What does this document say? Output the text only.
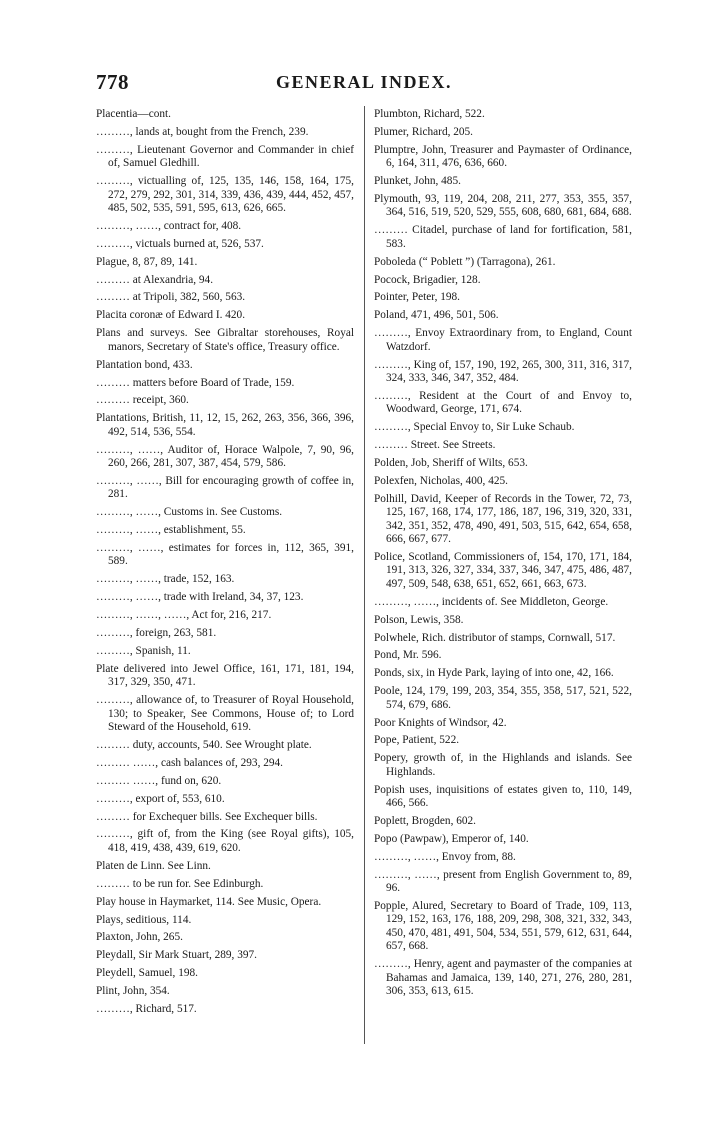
778	GENERAL INDEX.

Placentia—cont.

………, lands at, bought from the French, 239.

………, Lieutenant Governor and Commander in chief of, Samuel Gledhill.

………, victualling of, 125, 135, 146, 158, 164, 175, 272, 279, 292, 301, 314, 339, 436, 439, 444, 452, 457, 485, 502, 535, 591, 595, 613, 626, 665.

………, ……, contract for, 408.

………, victuals burned at, 526, 537.

Plague, 8, 87, 89, 141.

……… at Alexandria, 94.

……… at Tripoli, 382, 560, 563.

Placita coronæ of Edward I. 420.

Plans and surveys. See Gibraltar storehouses, Royal manors, Secretary of State's office, Treasury office.

Plantation bond, 433.

……… matters before Board of Trade, 159.

……… receipt, 360.

Plantations, British, 11, 12, 15, 262, 263, 356, 366, 396, 492, 514, 536, 554.

………, ……, Auditor of, Horace Walpole, 7, 90, 96, 260, 266, 281, 307, 387, 454, 579, 586.

………, ……, Bill for encouraging growth of coffee in, 281.

………, ……, Customs in. See Customs.

………, ……, establishment, 55.

………, ……, estimates for forces in, 112, 365, 391, 589.

………, ……, trade, 152, 163.

………, ……, trade with Ireland, 34, 37, 123.

………, ……, ……, Act for, 216, 217.

………, foreign, 263, 581.

………, Spanish, 11.

Plate delivered into Jewel Office, 161, 171, 181, 194, 317, 329, 350, 471.

………, allowance of, to Treasurer of Royal Household, 130; to Speaker, See Commons, House of; to Lord Steward of the Household, 619.

……… duty, accounts, 540. See Wrought plate.

……… ……, cash balances of, 293, 294.

……… ……, fund on, 620.

………, export of, 553, 610.

……… for Exchequer bills. See Exchequer bills.

………, gift of, from the King (see Royal gifts), 105, 418, 419, 438, 439, 619, 620.

Platen de Linn. See Linn.

……… to be run for. See Edinburgh.

Play house in Haymarket, 114. See Music, Opera.

Plays, seditious, 114.

Plaxton, John, 265.

Pleydall, Sir Mark Stuart, 289, 397.

Pleydell, Samuel, 198.

Plint, John, 354.

………, Richard, 517.

Plumbton, Richard, 522.

Plumer, Richard, 205.

Plumptre, John, Treasurer and Paymaster of Ordinance, 6, 164, 311, 476, 636, 660.

Plunket, John, 485.

Plymouth, 93, 119, 204, 208, 211, 277, 353, 355, 357, 364, 516, 519, 520, 529, 555, 608, 680, 681, 684, 688.

……… Citadel, purchase of land for fortification, 581, 583.

Poboleda (“ Poblett ”) (Tarragona), 261.

Pocock, Brigadier, 128.

Pointer, Peter, 198.

Poland, 471, 496, 501, 506.

………, Envoy Extraordinary from, to England, Count Watzdorf.

………, King of, 157, 190, 192, 265, 300, 311, 316, 317, 324, 333, 346, 347, 352, 484.

………, Resident at the Court of and Envoy to, Woodward, George, 171, 674.

………, Special Envoy to, Sir Luke Schaub.

……… Street. See Streets.

Polden, Job, Sheriff of Wilts, 653.

Polexfen, Nicholas, 400, 425.

Polhill, David, Keeper of Records in the Tower, 72, 73, 125, 167, 168, 174, 177, 186, 187, 196, 319, 320, 331, 342, 351, 352, 478, 490, 491, 503, 515, 642, 654, 658, 666, 667, 677.

Police, Scotland, Commissioners of, 154, 170, 171, 184, 191, 313, 326, 327, 334, 337, 346, 347, 475, 486, 487, 497, 509, 548, 638, 651, 652, 661, 663, 673.

………, ……, incidents of. See Middleton, George.

Polson, Lewis, 358.

Polwhele, Rich. distributor of stamps, Cornwall, 517.

Pond, Mr. 596.

Ponds, six, in Hyde Park, laying of into one, 42, 166.

Poole, 124, 179, 199, 203, 354, 355, 358, 517, 521, 522, 574, 679, 686.

Poor Knights of Windsor, 42.

Pope, Patient, 522.

Popery, growth of, in the Highlands and islands. See Highlands.

Popish uses, inquisitions of estates given to, 110, 149, 466, 566.

Poplett, Brogden, 602.

Popo (Pawpaw), Emperor of, 140.

………, ……, Envoy from, 88.

………, ……, present from English Government to, 89, 96.

Popple, Alured, Secretary to Board of Trade, 109, 113, 129, 152, 163, 176, 188, 209, 298, 308, 321, 332, 343, 450, 470, 481, 491, 504, 534, 551, 579, 612, 631, 644, 657, 668.

………, Henry, agent and paymaster of the companies at Bahamas and Jamaica, 139, 140, 271, 276, 280, 281, 306, 353, 613, 615.
